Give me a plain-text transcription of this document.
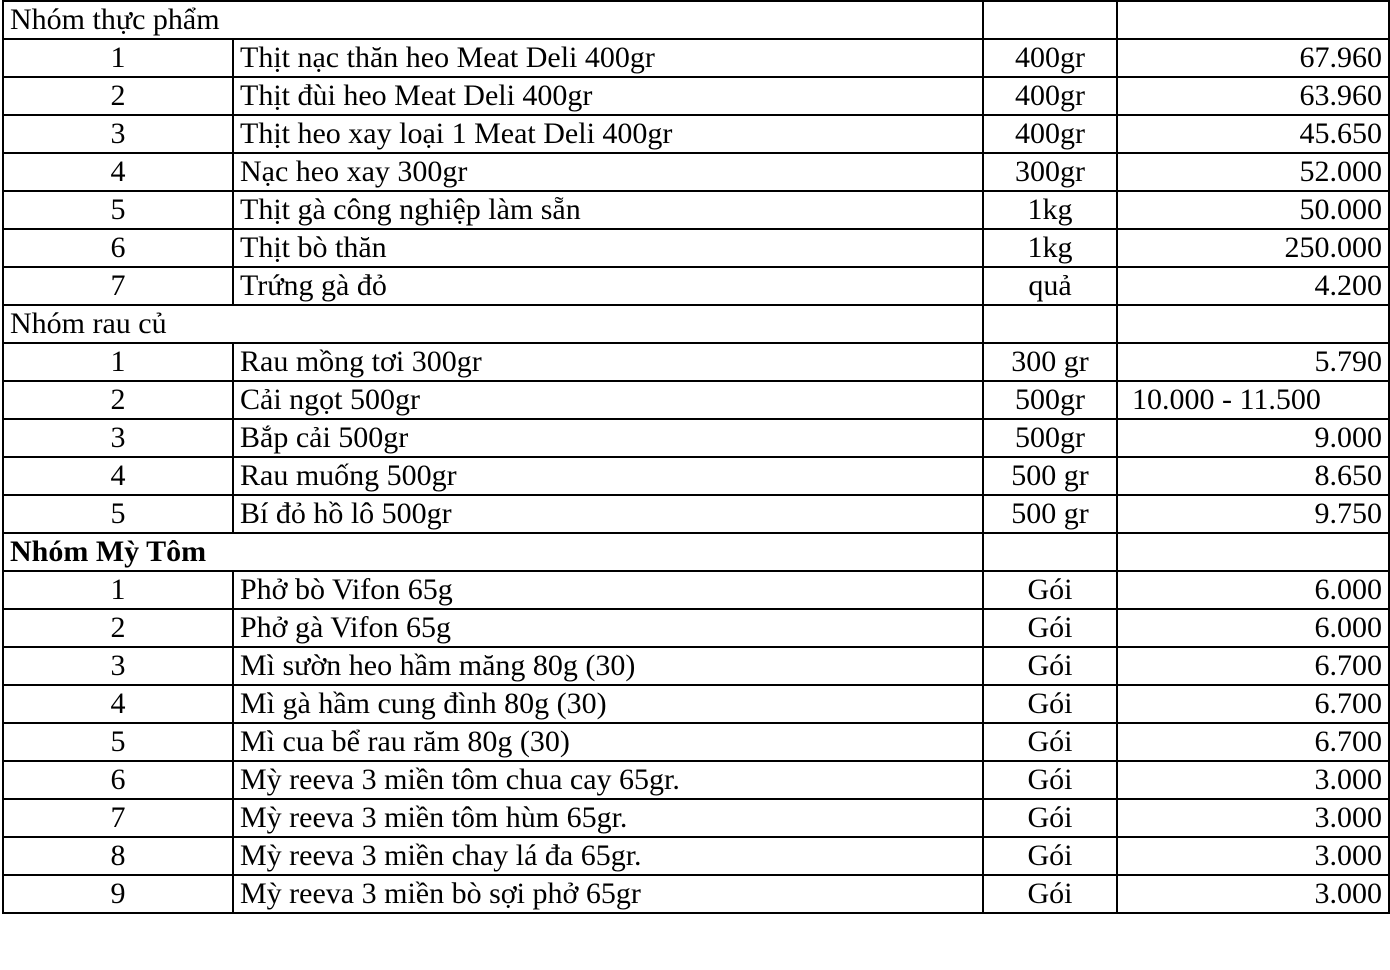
Nhóm thực phẩm			
1	Thịt nạc thăn heo Meat Deli 400gr	400gr	67.960
2	Thịt đùi heo Meat Deli 400gr	400gr	63.960
3	Thịt heo xay loại 1 Meat Deli 400gr	400gr	45.650
4	Nạc heo xay 300gr	300gr	52.000
5	Thịt gà công nghiệp làm sẵn	1kg	50.000
6	Thịt bò thăn	1kg	250.000
7	Trứng gà đỏ	quả	4.200
Nhóm rau củ			
1	Rau mồng tơi 300gr	300 gr	5.790
2	Cải ngọt 500gr	500gr	10.000 - 11.500
3	Bắp cải 500gr	500gr	9.000
4	Rau muống 500gr	500 gr	8.650
5	Bí đỏ hồ lô 500gr	500 gr	9.750
Nhóm Mỳ Tôm			
1	Phở bò Vifon 65g	Gói	6.000
2	Phở gà Vifon 65g	Gói	6.000
3	Mì sườn heo hầm măng 80g (30)	Gói	6.700
4	Mì gà hầm cung đình 80g (30)	Gói	6.700
5	Mì cua bể rau răm 80g (30)	Gói	6.700
6	Mỳ reeva 3 miền tôm chua cay 65gr.	Gói	3.000
7	Mỳ reeva 3 miền tôm hùm 65gr.	Gói	3.000
8	Mỳ reeva 3 miền chay lá đa 65gr.	Gói	3.000
9	Mỳ reeva 3 miền bò sợi phở 65gr	Gói	3.000
